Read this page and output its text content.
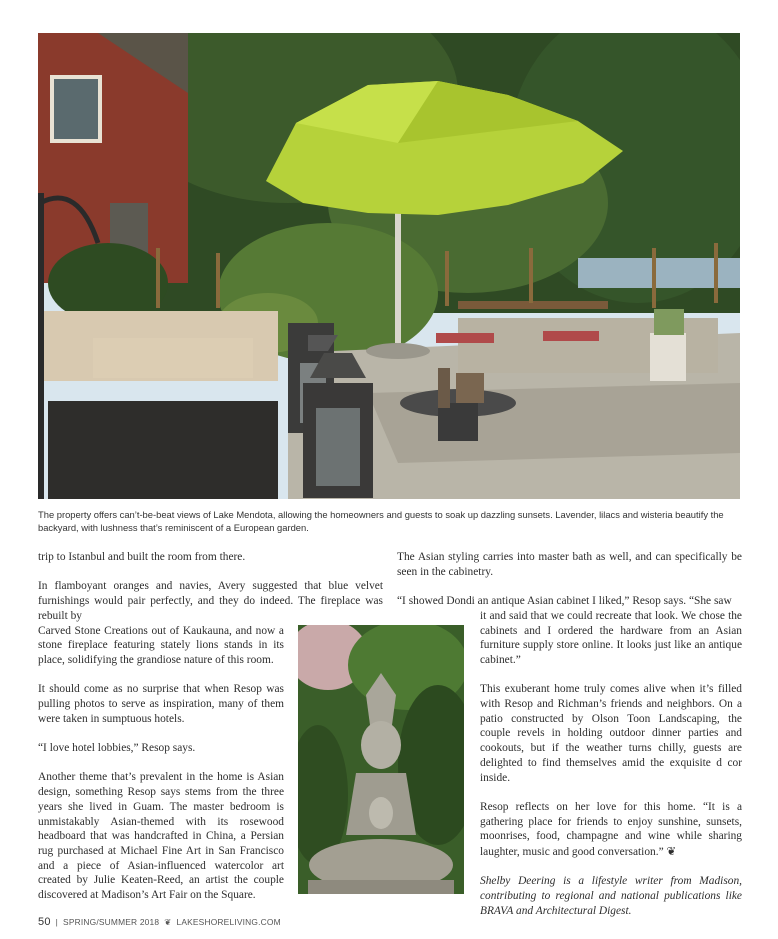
The property offers can’t-be-beat views of Lake Mendota, allowing the homeowners and guests to soak up dazzling sunsets. Lavender, lilacs and wisteria beautify the backyard, with lushness that’s reminiscent of a European garden.

trip to Istanbul and built the room from there.

In flamboyant oranges and navies, Avery suggested that blue velvet furnishings would pair perfectly, and they do indeed. The fireplace was rebuilt by

Carved Stone Creations out of Kaukauna, and now a stone fireplace featuring stately lions stands in its place, solidifying the grandiose nature of this room.

It should come as no surprise that when Resop was pulling photos to serve as inspiration, many of them were taken in sumptuous hotels.

“I love hotel lobbies,” Resop says.

Another theme that’s prevalent in the home is Asian design, something Resop says stems from the three years she lived in Guam. The master bedroom is unmistakably Asian-themed with its rosewood headboard that was handcrafted in China, a Persian rug purchased at Michael Fine Art in San Francisco and a piece of Asian-influenced watercolor art created by Julie Keaten-Reed, an artist the couple discovered at Madison’s Art Fair on the Square.

The Asian styling carries into master bath as well, and can specifically be seen in the cabinetry.

“I showed Dondi an antique Asian cabinet I liked,” Resop says. “She saw

it and said that we could recreate that look. We chose the cabinets and I ordered the hardware from an Asian furniture supply store online. It looks just like an antique cabinet.”

This exuberant home truly comes alive when it’s filled with Resop and Richman’s friends and neighbors. On a patio constructed by Olson Toon Landscaping, the couple revels in holding outdoor dinner parties and cookouts, but if the weather turns chilly, guests are delighted to find themselves amid the exquisite d cor inside.

Resop reflects on her love for this home. “It is a gathering place for friends to enjoy sunshine, sunsets, moonrises, food, champagne and wine while sharing laughter, music and good conversation.” ❦

Shelby Deering is a lifestyle writer from Madison, contributing to regional and national publications like BRAVA and Architectural Digest.

50 | SPRING/SUMMER 2018 ❦ LAKESHORELIVING.COM
